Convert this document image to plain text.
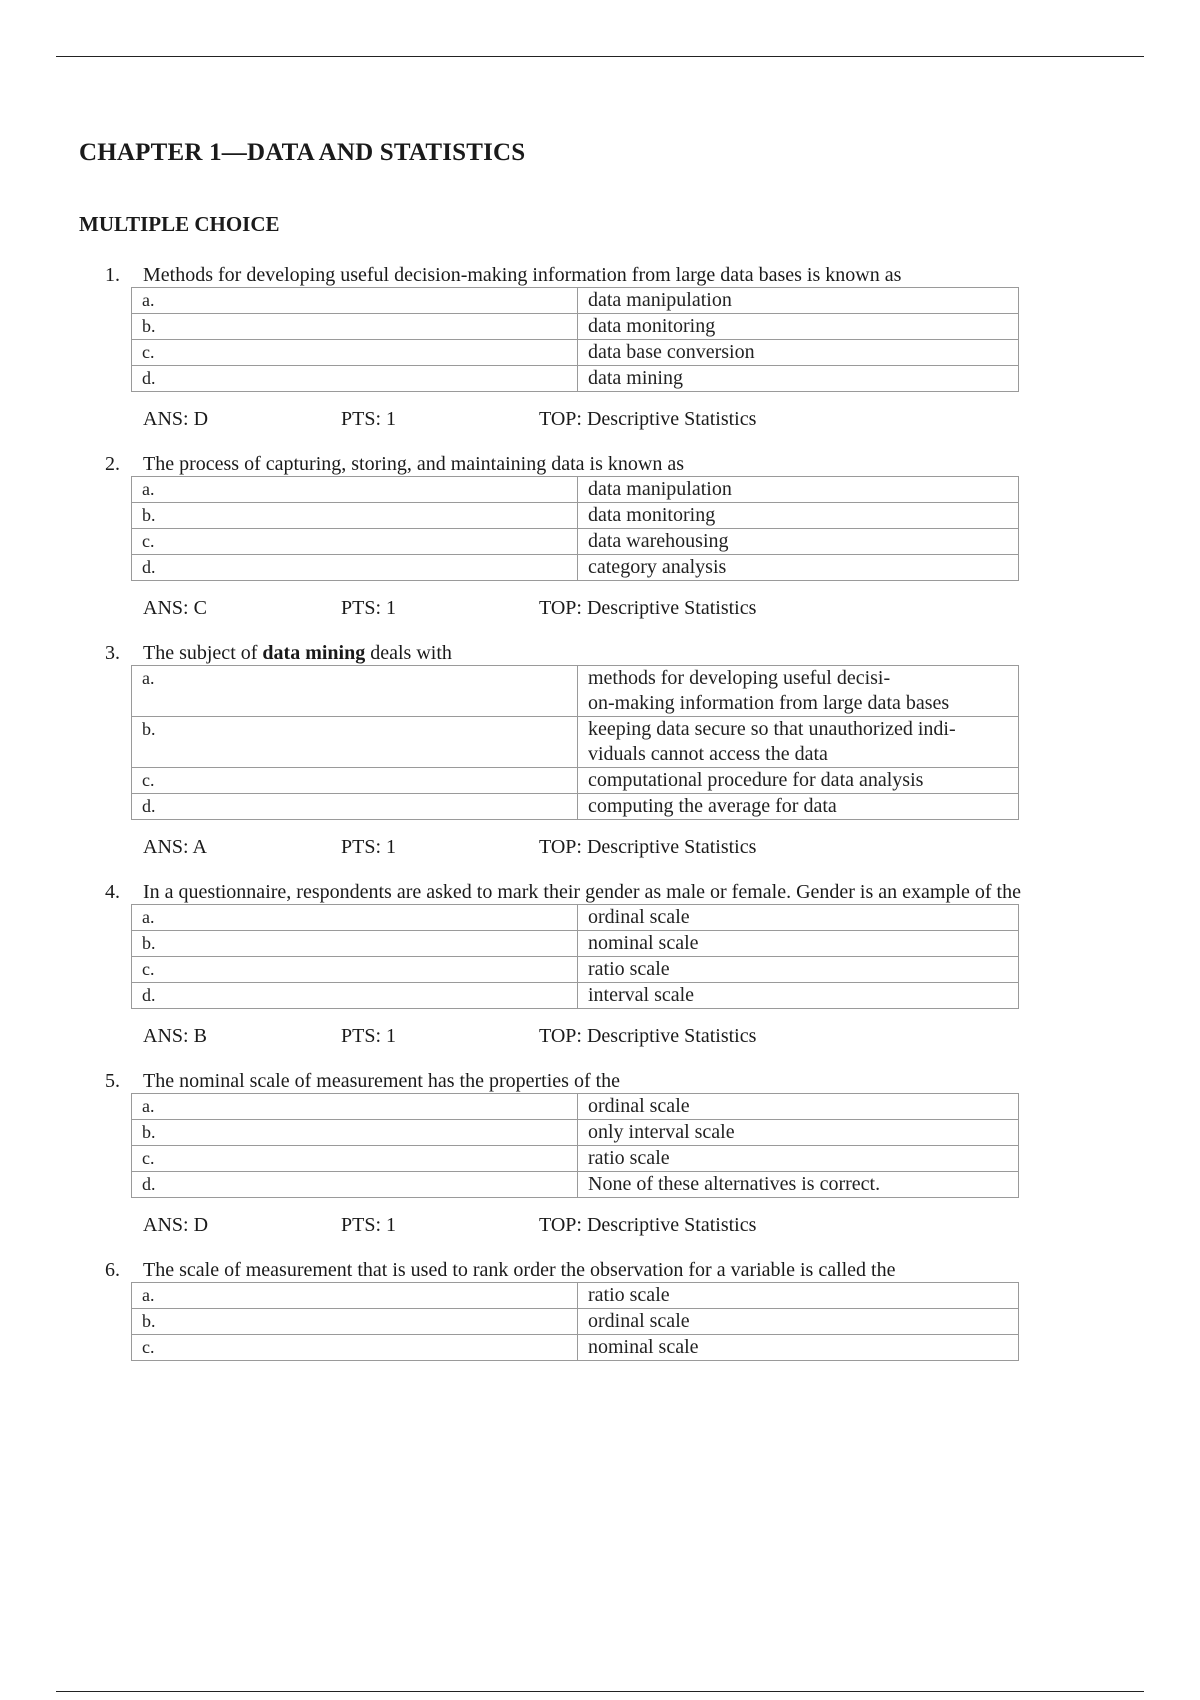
CHAPTER 1—DATA AND STATISTICS
MULTIPLE CHOICE
1.	Methods for developing useful decision-making information from large data bases is known as
a.	data manipulation
b.	data monitoring
c.	data base conversion
d.	data mining
ANS: D	PTS: 1	TOP: Descriptive Statistics
2.	The process of capturing, storing, and maintaining data is known as
a.	data manipulation
b.	data monitoring
c.	data warehousing
d.	category analysis
ANS: C	PTS: 1	TOP: Descriptive Statistics
3.	The subject of data mining deals with
a.	methods for developing useful decisi-
on-making information from large data bases
b.	keeping data secure so that unauthorized indi-
viduals cannot access the data
c.	computational procedure for data analysis
d.	computing the average for data
ANS: A	PTS: 1	TOP: Descriptive Statistics
4.	In a questionnaire, respondents are asked to mark their gender as male or female. Gender is an example of the
a.	ordinal scale
b.	nominal scale
c.	ratio scale
d.	interval scale
ANS: B	PTS: 1	TOP: Descriptive Statistics
5.	The nominal scale of measurement has the properties of the
a.	ordinal scale
b.	only interval scale
c.	ratio scale
d.	None of these alternatives is correct.
ANS: D	PTS: 1	TOP: Descriptive Statistics
6.	The scale of measurement that is used to rank order the observation for a variable is called the
a.	ratio scale
b.	ordinal scale
c.	nominal scale
